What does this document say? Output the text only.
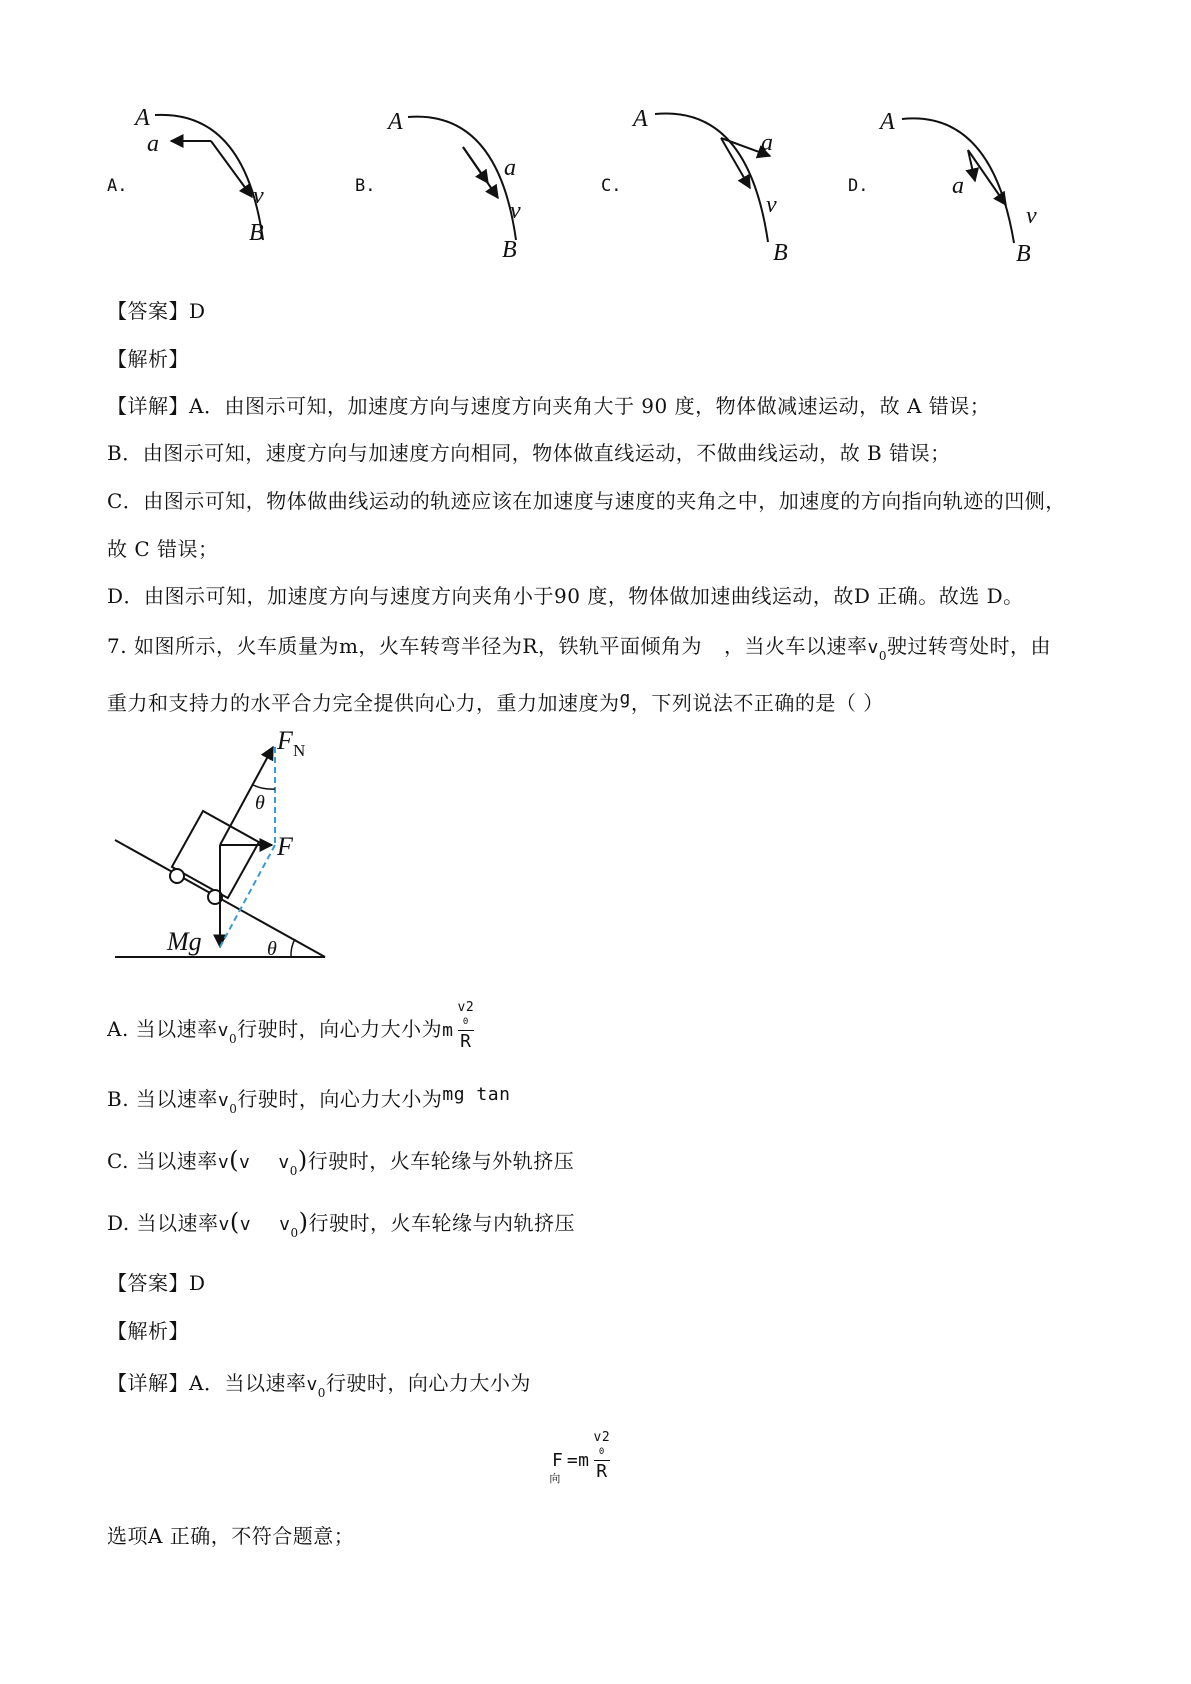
A.
A
a
v
B
B.
A
a
v
B
C.
A
a
v
B
D.
A
a
v
B
【答案】D
【解析】
【详解】A．由图示可知，加速度方向与速度方向夹角大于 90 度，物体做减速运动，故 A 错误；
B．由图示可知，速度方向与加速度方向相同，物体做直线运动，不做曲线运动，故 B 错误；
C．由图示可知，物体做曲线运动的轨迹应该在加速度与速度的夹角之中，加速度的方向指向轨迹的凹侧，
故 C 错误；
D．由图示可知，加速度方向与速度方向夹角小于90 度，物体做加速曲线运动，故D 正确。故选 D。
7. 如图所示，火车质量为m，火车转弯半径为R，铁轨平面倾角为 ，当火车以速率$v_0$驶过转弯处时，由
重力和支持力的水平合力完全提供向心力，重力加速度为g，下列说法不正确的是（ ）
F N
θ
F
Mg	θ
A. 当以速率$v_0$行驶时，向心力大小为m
v2
0
R
B. 当以速率$v_0$行驶时，向心力大小为mg tan
C. 当以速率v(v $v_0$)行驶时，火车轮缘与外轨挤压
D. 当以速率v(v $v_0$)行驶时，火车轮缘与内轨挤压
【答案】D
【解析】
【详解】A．当以速率$v_0$行驶时，向心力大小为
$F_向=m$
v2
0
R
选项A 正确，不符合题意；
